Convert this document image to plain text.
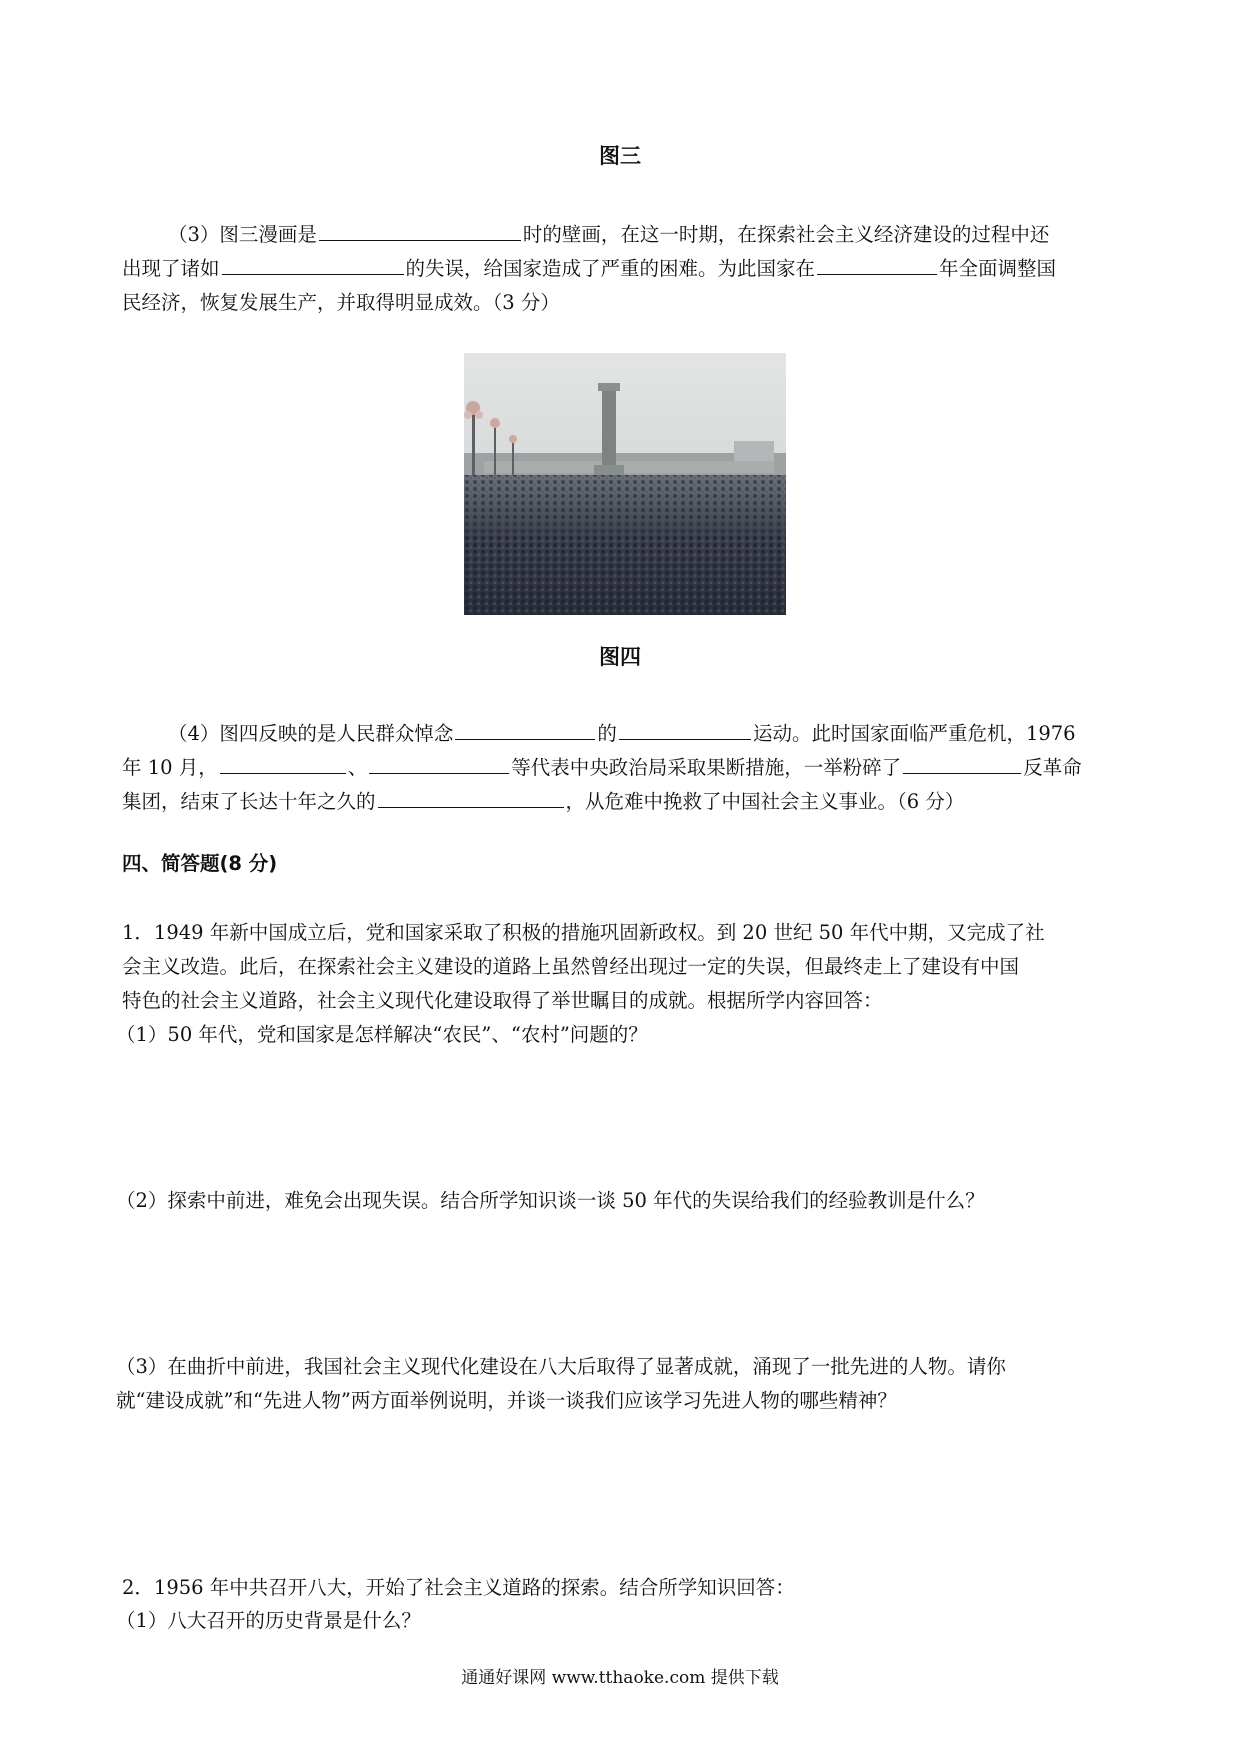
图三
（3）图三漫画是	时的壁画，在这一时期，在探索社会主义经济建设的过程中还
出现了诸如	的失误，给国家造成了严重的困难。为此国家在	年全面调整国
民经济，恢复发展生产，并取得明显成效。（3 分）
图四
（4）图四反映的是人民群众悼念	的	运动。此时国家面临严重危机，1976
年 10 月，	、	等代表中央政治局采取果断措施，一举粉碎了	反革命
集团，结束了长达十年之久的	，从危难中挽救了中国社会主义事业。（6 分）
四、简答题(8 分)
1．1949 年新中国成立后，党和国家采取了积极的措施巩固新政权。到 20 世纪 50 年代中期，又完成了社
会主义改造。此后，在探索社会主义建设的道路上虽然曾经出现过一定的失误，但最终走上了建设有中国
特色的社会主义道路，社会主义现代化建设取得了举世瞩目的成就。根据所学内容回答：
（1）50 年代，党和国家是怎样解决“农民”、“农村”问题的？
（2）探索中前进，难免会出现失误。结合所学知识谈一谈 50 年代的失误给我们的经验教训是什么？
（3）在曲折中前进，我国社会主义现代化建设在八大后取得了显著成就，涌现了一批先进的人物。请你
就“建设成就”和“先进人物”两方面举例说明，并谈一谈我们应该学习先进人物的哪些精神？
2．1956 年中共召开八大，开始了社会主义道路的探索。结合所学知识回答：
（1）八大召开的历史背景是什么？
通通好课网 www.tthaoke.com 提供下载
